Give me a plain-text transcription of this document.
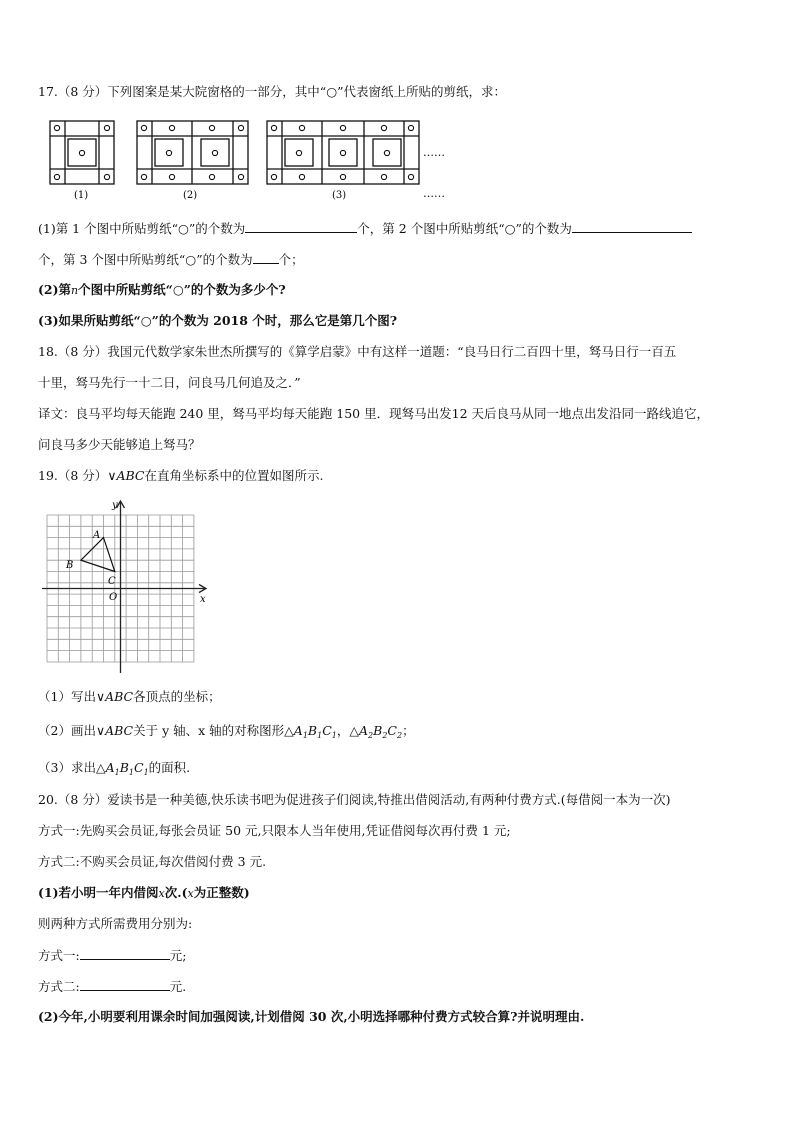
17.（8 分）下列图案是某大院窗格的一部分，其中“○”代表窗纸上所贴的剪纸，求：
(1)	(2)	(3)
……
……
(1)第 1 个图中所贴剪纸“○”的个数为	个，第 2 个图中所贴剪纸“○”的个数为
个，第 3 个图中所贴剪纸“○”的个数为 个；
(2)第n个图中所贴剪纸“○”的个数为多少个?
(3)如果所贴剪纸“○”的个数为 2018 个时，那么它是第几个图?
18.（8 分）我国元代数学家朱世杰所撰写的《算学启蒙》中有这样一道题：“良马日行二百四十里，驽马日行一百五
十里，驽马先行一十二日，问良马几何追及之．”
译文：良马平均每天能跑 240 里，驽马平均每天能跑 150 里．现驽马出发12 天后良马从同一地点出发沿同一路线追它，
问良马多少天能够追上驽马？
19.（8 分）∨ABC在直角坐标系中的位置如图所示.
y
x
O
A
B
C
（1）写出∨ABC各顶点的坐标；
（2）画出∨ABC关于 y 轴、x 轴的对称图形$\triangle A_1B_1C_1$，$\triangle A_2B_2C_2$；
（3）求出$\triangle A_1B_1C_1$的面积.
20.（8 分）爱读书是一种美德,快乐读书吧为促进孩子们阅读,特推出借阅活动,有两种付费方式.(每借阅一本为一次)
方式一:先购买会员证,每张会员证 50 元,只限本人当年使用,凭证借阅每次再付费 1 元;
方式二:不购买会员证,每次借阅付费 3 元.
(1)若小明一年内借阅x次.(x为正整数)
则两种方式所需费用分别为:
方式一:	元;
方式二:	元.
(2)今年,小明要利用课余时间加强阅读,计划借阅 30 次,小明选择哪种付费方式较合算?并说明理由.
